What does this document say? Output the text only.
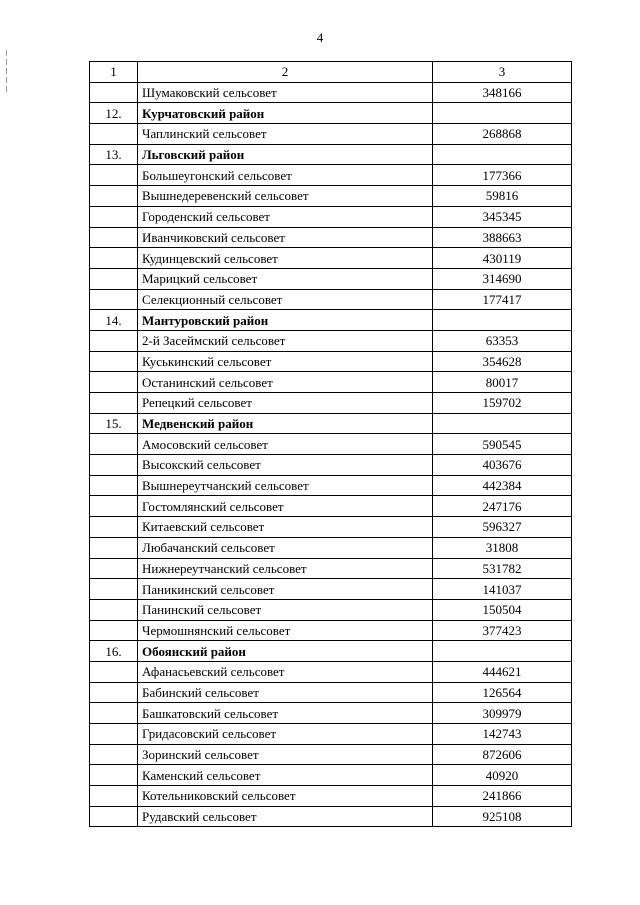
4
1	2	3
	Шумаковский сельсовет	348166
12.	Курчатовский район	
	Чаплинский сельсовет	268868
13.	Льговский район	
	Большеугонский сельсовет	177366
	Вышнедеревенский сельсовет	59816
	Городенский сельсовет	345345
	Иванчиковский сельсовет	388663
	Кудинцевский сельсовет	430119
	Марицкий сельсовет	314690
	Селекционный сельсовет	177417
14.	Мантуровский район	
	2-й Засеймский сельсовет	63353
	Куськинский сельсовет	354628
	Останинский сельсовет	80017
	Репецкий сельсовет	159702
15.	Медвенский район	
	Амосовский сельсовет	590545
	Высокский сельсовет	403676
	Вышнереутчанский сельсовет	442384
	Гостомлянский сельсовет	247176
	Китаевский сельсовет	596327
	Любачанский сельсовет	31808
	Нижнереутчанский сельсовет	531782
	Паникинский сельсовет	141037
	Панинский сельсовет	150504
	Чермошнянский сельсовет	377423
16.	Обоянский район	
	Афанасьевский сельсовет	444621
	Бабинский сельсовет	126564
	Башкатовский сельсовет	309979
	Гридасовский сельсовет	142743
	Зоринский сельсовет	872606
	Каменский сельсовет	40920
	Котельниковский сельсовет	241866
	Рудавский сельсовет	925108
